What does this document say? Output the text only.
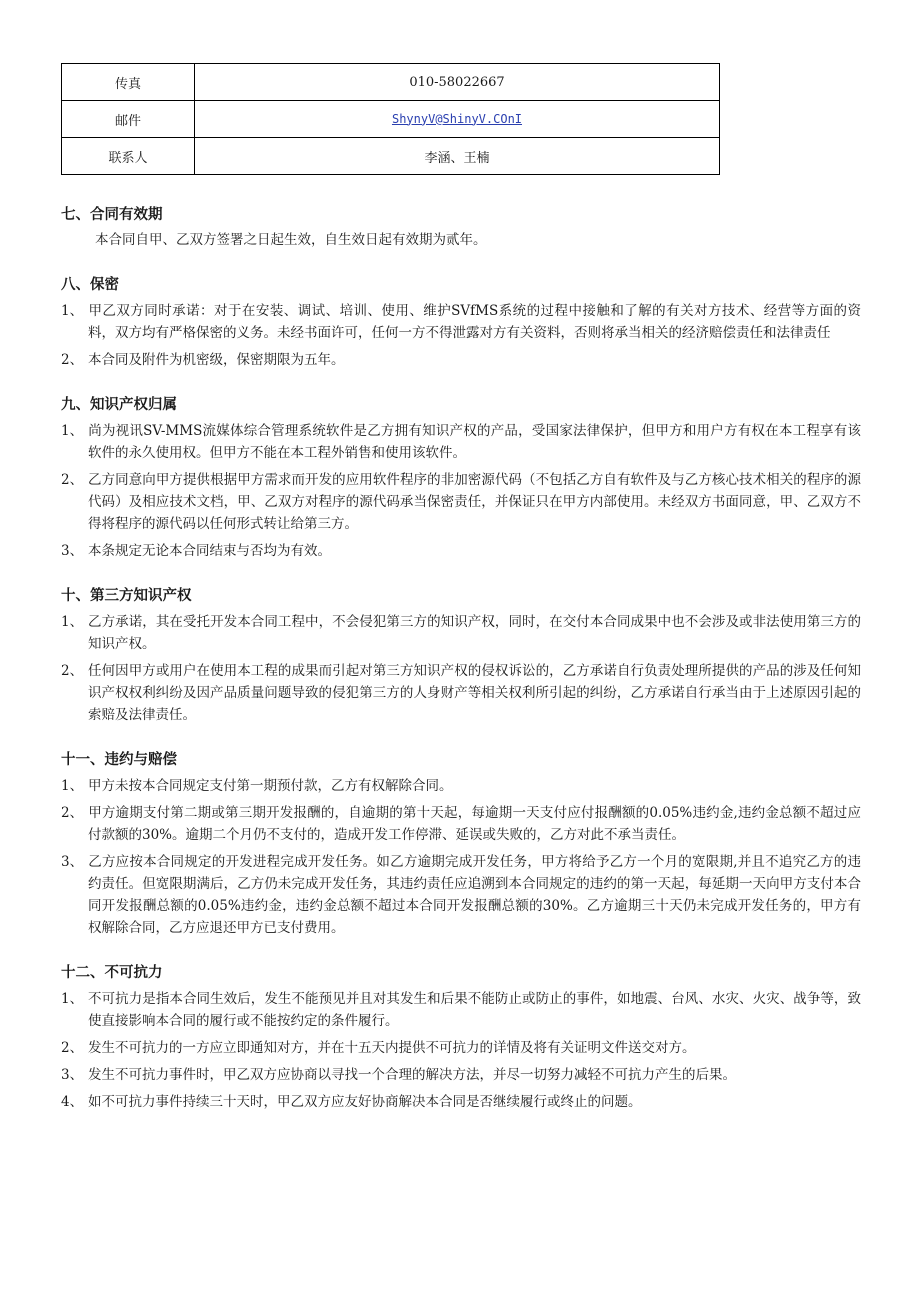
传真	010-58022667
邮件	ShynyV@ShinyV.COnI
联系人	李涵、王楠
七、合同有效期

本合同自甲、乙双方签署之日起生效，自生效日起有效期为贰年。

八、保密
1、 甲乙双方同时承诺：对于在安装、调试、培训、使用、维护SVfMS系统的过程中接触和了解的有关对方技术、经营等方面的资料，双方均有严格保密的义务。未经书面许可，任何一方不得泄露对方有关资料，否则将承当相关的经济赔偿责任和法律责任
2、 本合同及附件为机密级，保密期限为五年。
九、知识产权归属
1、 尚为视讯SV-MMS流媒体综合管理系统软件是乙方拥有知识产权的产品，受国家法律保护，但甲方和用户方有权在本工程享有该软件的永久使用权。但甲方不能在本工程外销售和使用该软件。
2、 乙方同意向甲方提供根据甲方需求而开发的应用软件程序的非加密源代码（不包括乙方自有软件及与乙方核心技术相关的程序的源代码）及相应技术文档，甲、乙双方对程序的源代码承当保密责任，并保证只在甲方内部使用。未经双方书面同意，甲、乙双方不得将程序的源代码以任何形式转让给第三方。
3、 本条规定无论本合同结束与否均为有效。
十、第三方知识产权
1、 乙方承诺，其在受托开发本合同工程中，不会侵犯第三方的知识产权，同时，在交付本合同成果中也不会涉及或非法使用第三方的知识产权。
2、 任何因甲方或用户在使用本工程的成果而引起对第三方知识产权的侵权诉讼的，乙方承诺自行负责处理所提供的产品的涉及任何知识产权权利纠纷及因产品质量问题导致的侵犯第三方的人身财产等相关权利所引起的纠纷，乙方承诺自行承当由于上述原因引起的索赔及法律责任。
十一、违约与赔偿
1、 甲方未按本合同规定支付第一期预付款，乙方有权解除合同。
2、 甲方逾期支付第二期或第三期开发报酬的，自逾期的第十天起，每逾期一天支付应付报酬额的0.05%违约金,违约金总额不超过应付款额的30%。逾期二个月仍不支付的，造成开发工作停滞、延误或失败的，乙方对此不承当责任。
3、 乙方应按本合同规定的开发进程完成开发任务。如乙方逾期完成开发任务，甲方将给予乙方一个月的宽限期,并且不追究乙方的违约责任。但宽限期满后，乙方仍未完成开发任务，其违约责任应追溯到本合同规定的违约的第一天起，每延期一天向甲方支付本合同开发报酬总额的0.05%违约金，违约金总额不超过本合同开发报酬总额的30%。乙方逾期三十天仍未完成开发任务的，甲方有权解除合同，乙方应退还甲方已支付费用。
十二、不可抗力
1、 不可抗力是指本合同生效后，发生不能预见并且对其发生和后果不能防止或防止的事件，如地震、台风、水灾、火灾、战争等，致使直接影响本合同的履行或不能按约定的条件履行。
2、 发生不可抗力的一方应立即通知对方，并在十五天内提供不可抗力的详情及将有关证明文件送交对方。
3、 发生不可抗力事件时，甲乙双方应协商以寻找一个合理的解决方法，并尽一切努力减轻不可抗力产生的后果。
4、 如不可抗力事件持续三十天时，甲乙双方应友好协商解决本合同是否继续履行或终止的问题。
